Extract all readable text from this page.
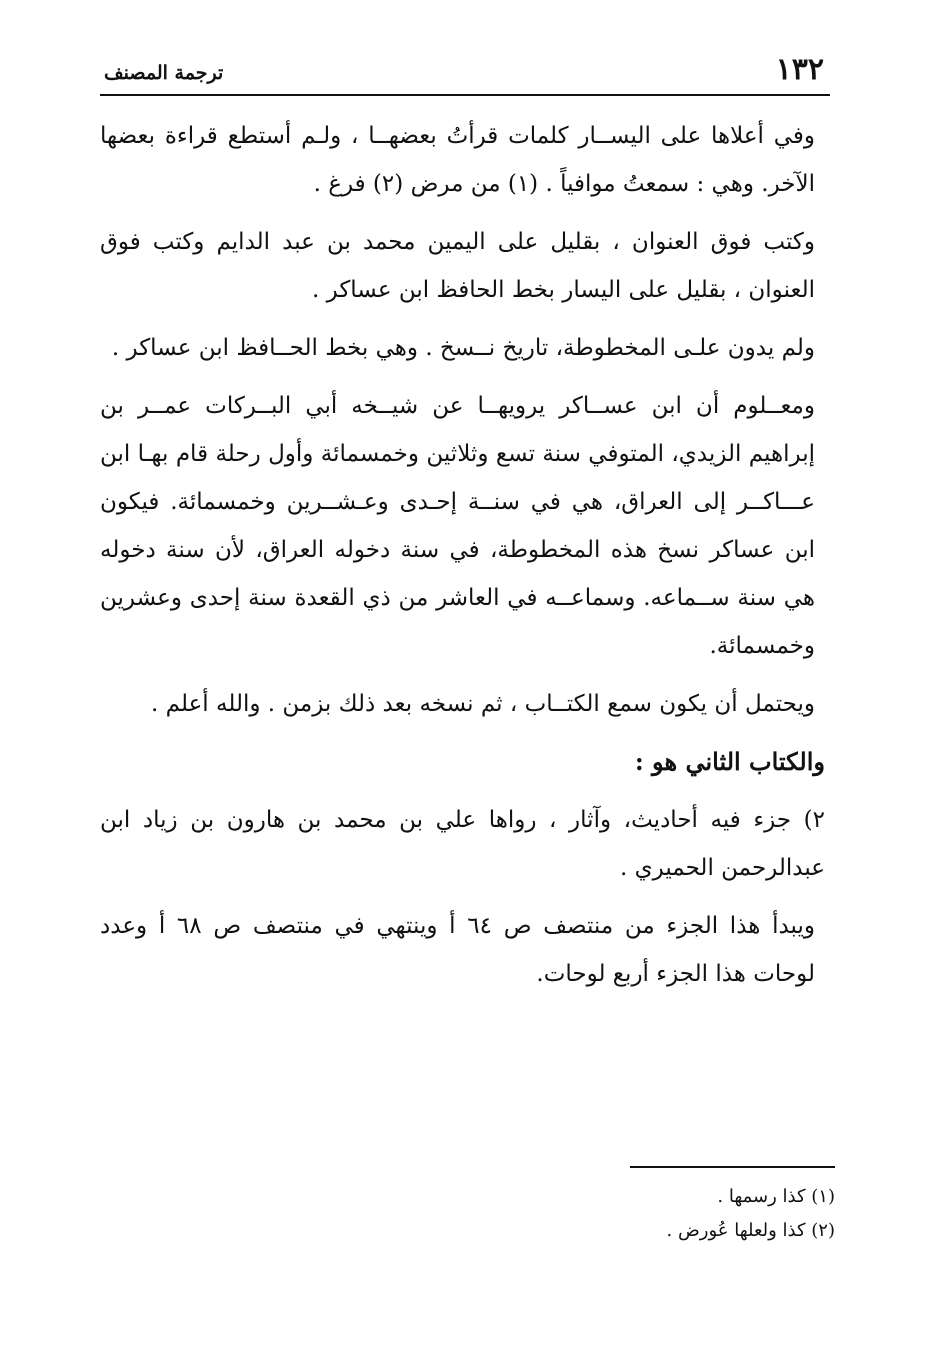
١٣٢
ترجمة المصنف

وفي أعلاها على اليســار كلمات قرأتُ بعضهــا ، ولـم أستطع قراءة بعضها الآخر. وهي : سمعتُ موافياً . (١) من مرض (٢) فرغ .

وكتب فوق العنوان ، بقليل على اليمين محمد بن عبد الدايم وكتب فوق العنوان ، بقليل على اليسار بخط الحافظ ابن عساكر .

ولم يدون علـى المخطوطة، تاريخ نــسخ . وهي بخط الحــافظ ابن عساكر .

ومعــلوم أن ابن عســاكر يرويهــا عن شيــخه أبي البــركات عمــر بن إبراهيم الزيدي، المتوفي سنة تسع وثلاثين وخمسمائة وأول رحلة قام بهـا ابن عـــاكــر إلى العراق، هي في سنــة إحـدى وعـشــرين وخمسمائة. فيكون ابن عساكر نسخ هذه المخطوطة، في سنة دخوله العراق، لأن سنة دخوله هي سنة ســماعه. وسماعــه في العاشر من ذي القعدة سنة إحدى وعشرين وخمسمائة.

ويحتمل أن يكون سمع الكتــاب ، ثم نسخه بعد ذلك بزمن . والله أعلم .

والكتاب الثاني هو :

٢) جزء فيه أحاديث، وآثار ، رواها علي بن محمد بن هارون بن زياد ابن عبدالرحمن الحميري .

ويبدأ هذا الجزء من منتصف ص ٦٤ أ وينتهي في منتصف ص ٦٨ أ وعدد لوحات هذا الجزء أربع لوحات.

(١) كذا رسمها .
(٢) كذا ولعلها عُورض .
